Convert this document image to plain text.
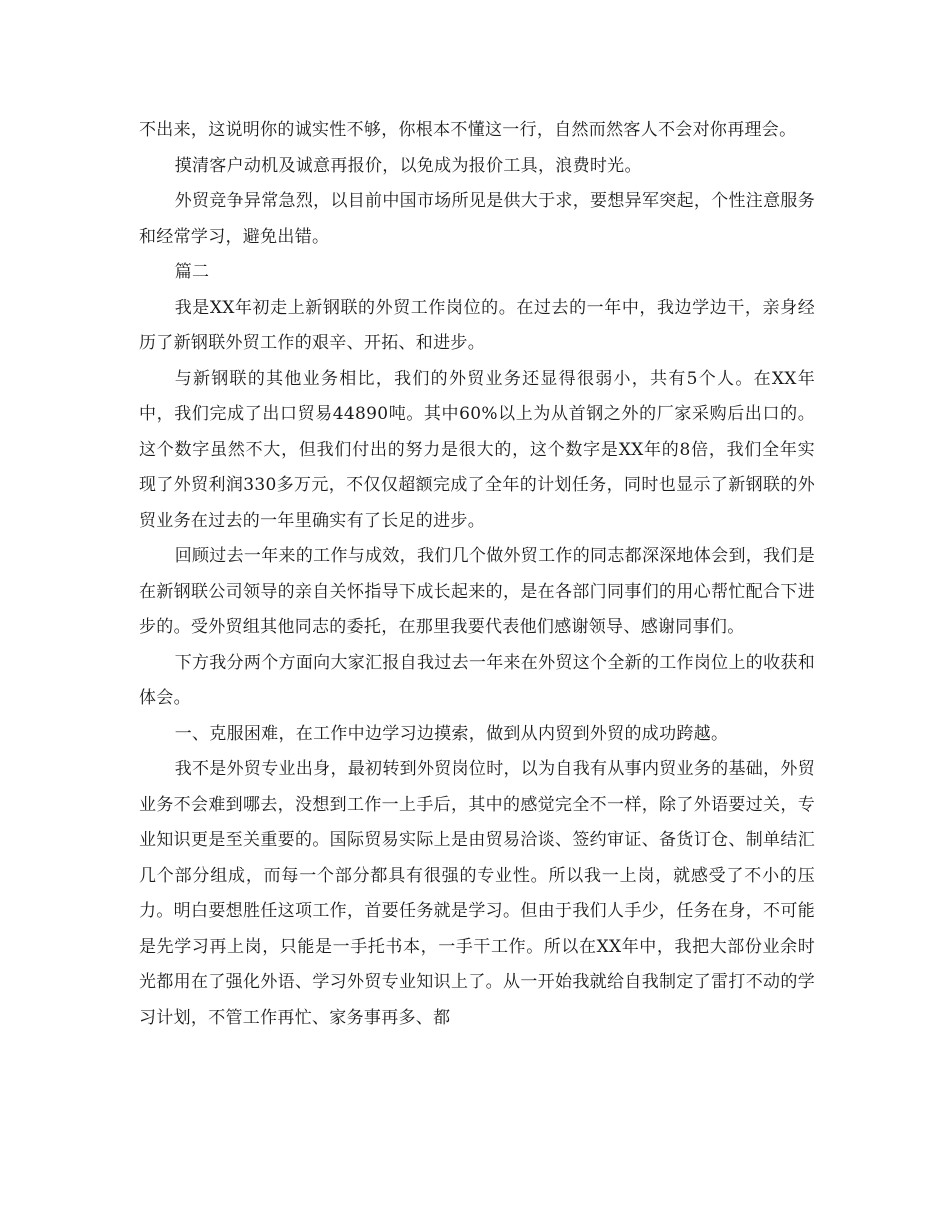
不出来，这说明你的诚实性不够，你根本不懂这一行，自然而然客人不会对你再理会。

摸清客户动机及诚意再报价，以免成为报价工具，浪费时光。

外贸竞争异常急烈，以目前中国市场所见是供大于求，要想异军突起，个性注意服务和经常学习，避免出错。

篇二

我是XX年初走上新钢联的外贸工作岗位的。在过去的一年中，我边学边干，亲身经历了新钢联外贸工作的艰辛、开拓、和进步。

与新钢联的其他业务相比，我们的外贸业务还显得很弱小，共有5个人。在XX年中，我们完成了出口贸易44890吨。其中60%以上为从首钢之外的厂家采购后出口的。这个数字虽然不大，但我们付出的努力是很大的，这个数字是XX年的8倍，我们全年实现了外贸利润330多万元，不仅仅超额完成了全年的计划任务，同时也显示了新钢联的外贸业务在过去的一年里确实有了长足的进步。

回顾过去一年来的工作与成效，我们几个做外贸工作的同志都深深地体会到，我们是在新钢联公司领导的亲自关怀指导下成长起来的，是在各部门同事们的用心帮忙配合下进步的。受外贸组其他同志的委托，在那里我要代表他们感谢领导、感谢同事们。

下方我分两个方面向大家汇报自我过去一年来在外贸这个全新的工作岗位上的收获和体会。

一、克服困难，在工作中边学习边摸索，做到从内贸到外贸的成功跨越。

我不是外贸专业出身，最初转到外贸岗位时，以为自我有从事内贸业务的基础，外贸业务不会难到哪去，没想到工作一上手后，其中的感觉完全不一样，除了外语要过关，专业知识更是至关重要的。国际贸易实际上是由贸易洽谈、签约审证、备货订仓、制单结汇几个部分组成，而每一个部分都具有很强的专业性。所以我一上岗，就感受了不小的压力。明白要想胜任这项工作，首要任务就是学习。但由于我们人手少，任务在身，不可能是先学习再上岗，只能是一手托书本，一手干工作。所以在XX年中，我把大部份业余时光都用在了强化外语、学习外贸专业知识上了。从一开始我就给自我制定了雷打不动的学习计划，不管工作再忙、家务事再多、都
